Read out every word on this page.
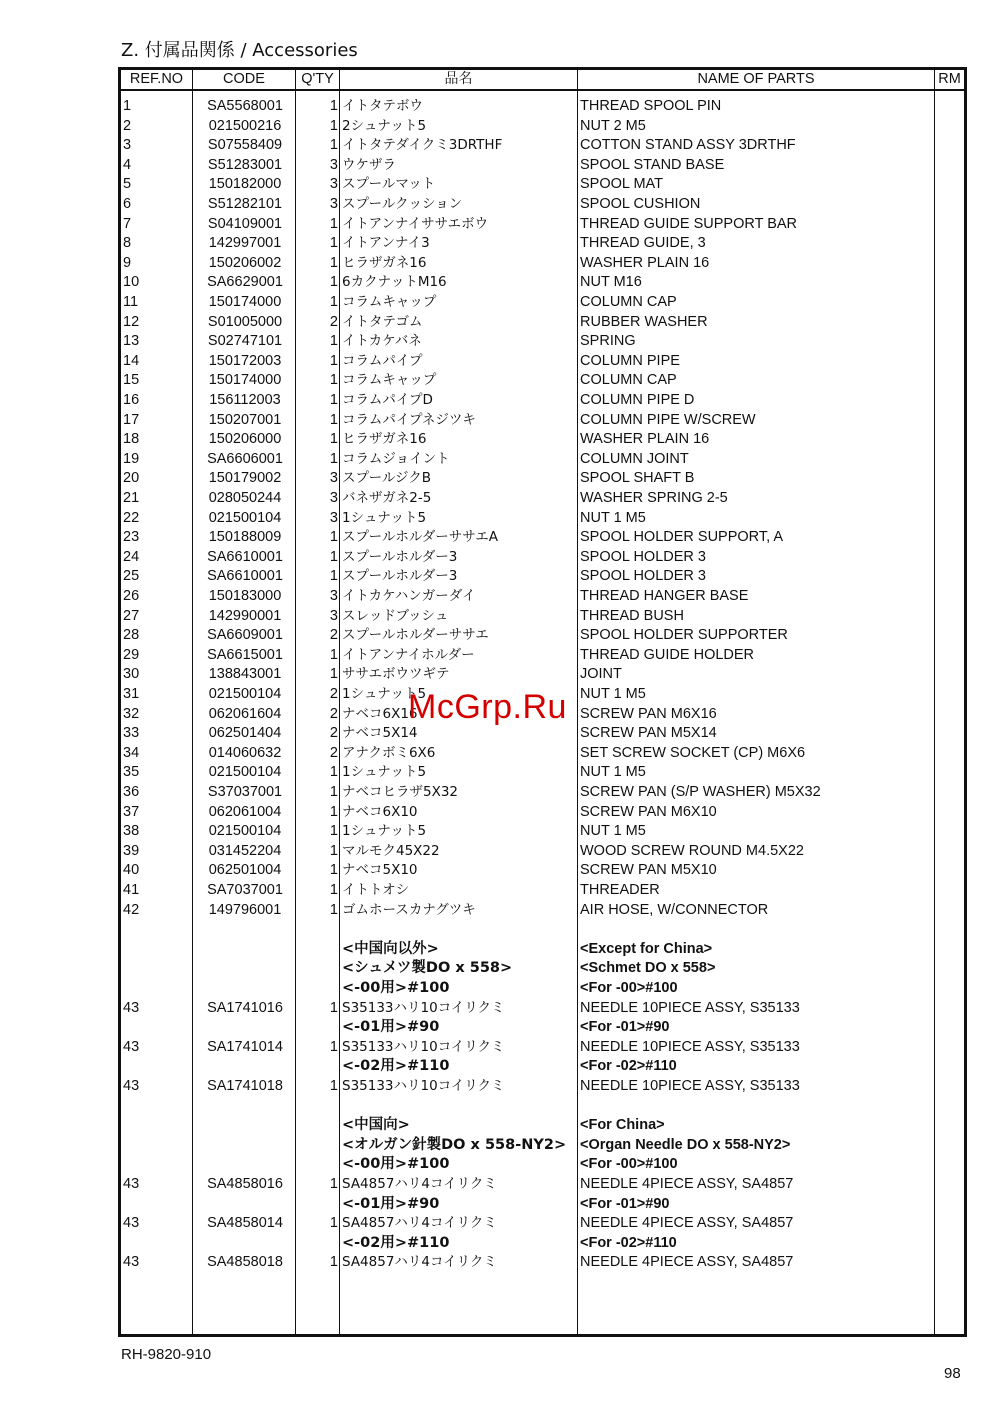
Z. 付属品関係 / Accessories
REF.NO	CODE	Q'TY	品名	NAME OF PARTS	RM
1	SA5568001	1 イトタテボウ	THREAD SPOOL PIN
2	021500216	1 2シュナット5	NUT 2 M5
3	S07558409	1 イトタテダイクミ3DRTHF	COTTON STAND ASSY 3DRTHF
4	S51283001	3 ウケザラ	SPOOL STAND BASE
5	150182000	3 スプールマット	SPOOL MAT
6	S51282101	3 スプールクッション	SPOOL CUSHION
7	S04109001	1 イトアンナイササエボウ	THREAD GUIDE SUPPORT BAR
8	142997001	1 イトアンナイ3	THREAD GUIDE, 3
9	150206002	1 ヒラザガネ16	WASHER PLAIN 16
10	SA6629001	1 6カクナットM16	NUT M16
11	150174000	1 コラムキャップ	COLUMN CAP
12	S01005000	2 イトタテゴム	RUBBER WASHER
13	S02747101	1 イトカケバネ	SPRING
14	150172003	1 コラムパイプ	COLUMN PIPE
15	150174000	1 コラムキャップ	COLUMN CAP
16	156112003	1 コラムパイプD	COLUMN PIPE D
17	150207001	1 コラムパイプネジツキ	COLUMN PIPE W/SCREW
18	150206000	1 ヒラザガネ16	WASHER PLAIN 16
19	SA6606001	1 コラムジョイント	COLUMN JOINT
20	150179002	3 スプールジクB	SPOOL SHAFT B
21	028050244	3 バネザガネ2-5	WASHER SPRING 2-5
22	021500104	3 1シュナット5	NUT 1 M5
23	150188009	1 スプールホルダーササエA	SPOOL HOLDER SUPPORT, A
24	SA6610001	1 スプールホルダー3	SPOOL HOLDER 3
25	SA6610001	1 スプールホルダー3	SPOOL HOLDER 3
26	150183000	3 イトカケハンガーダイ	THREAD HANGER BASE
27	142990001	3 スレッドブッシュ	THREAD BUSH
28	SA6609001	2 スプールホルダーササエ	SPOOL HOLDER SUPPORTER
29	SA6615001	1 イトアンナイホルダー	THREAD GUIDE HOLDER
30	138843001	1 ササエボウツギテ	JOINT
31	021500104	2 1シュナット5	NUT 1 M5
32	062061604	2 ナベコ6X16	SCREW PAN M6X16
33	062501404	2 ナベコ5X14	SCREW PAN M5X14
34	014060632	2 アナクボミ6X6	SET SCREW SOCKET (CP) M6X6
35	021500104	1 1シュナット5	NUT 1 M5
36	S37037001	1 ナベコヒラザ5X32	SCREW PAN (S/P WASHER) M5X32
37	062061004	1 ナベコ6X10	SCREW PAN M6X10
38	021500104	1 1シュナット5	NUT 1 M5
39	031452204	1 マルモク45X22	WOOD SCREW ROUND M4.5X22
40	062501004	1 ナベコ5X10	SCREW PAN M5X10
41	SA7037001	1 イトトオシ	THREADER
42	149796001	1 ゴムホースカナグツキ	AIR HOSE, W/CONNECTOR
<中国向以外>	<Except for China>
<シュメツ製DO x 558>	<Schmet DO x 558>
<-00用>#100	<For -00>#100
43	SA1741016	1 S35133ハリ10コイリクミ	NEEDLE 10PIECE ASSY, S35133
<-01用>#90	<For -01>#90
43	SA1741014	1 S35133ハリ10コイリクミ	NEEDLE 10PIECE ASSY, S35133
<-02用>#110	<For -02>#110
43	SA1741018	1 S35133ハリ10コイリクミ	NEEDLE 10PIECE ASSY, S35133
<中国向>	<For China>
<オルガン針製DO x 558-NY2> <Organ Needle DO x 558-NY2>
<-00用>#100	<For -00>#100
43	SA4858016	1 SA4857ハリ4コイリクミ	NEEDLE 4PIECE ASSY, SA4857
<-01用>#90	<For -01>#90
43	SA4858014	1 SA4857ハリ4コイリクミ	NEEDLE 4PIECE ASSY, SA4857
<-02用>#110	<For -02>#110
43	SA4858018	1 SA4857ハリ4コイリクミ	NEEDLE 4PIECE ASSY, SA4857
McGrp.Ru
RH-9820-910
98
